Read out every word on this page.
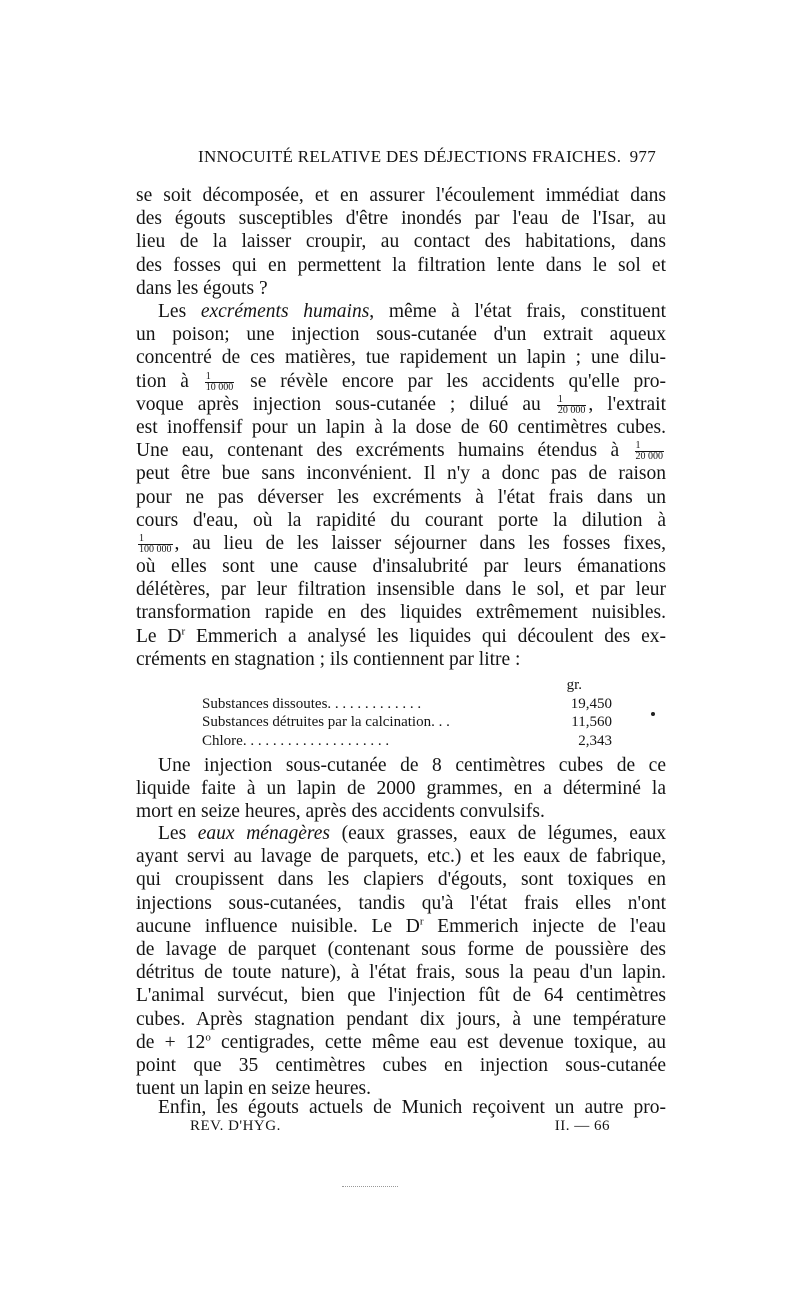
INNOCUITÉ RELATIVE DES DÉJECTIONS FRAICHES. 977
se soit décomposée, et en assurer l'écoulement immédiat dans
des égouts susceptibles d'être inondés par l'eau de l'Isar, au
lieu de la laisser croupir, au contact des habitations, dans
des fosses qui en permettent la filtration lente dans le sol et
dans les égouts ?
Les excréments humains, même à l'état frais, constituent
un poison; une injection sous-cutanée d'un extrait aqueux
concentré de ces matières, tue rapidement un lapin ; une dilu-
tion à $\frac{1}{10 000}$ se révèle encore par les accidents qu'elle pro-
voque après injection sous-cutanée ; dilué au $\frac{1}{20 000}$ , l'extrait
est inoffensif pour un lapin à la dose de 60 centimètres cubes.
Une eau, contenant des excréments humains étendus à $\frac{1}{20 000}$
peut être bue sans inconvénient. Il n'y a donc pas de raison
pour ne pas déverser les excréments à l'état frais dans un
cours d'eau, où la rapidité du courant porte la dilution à
$\frac{1}{100 000}$ , au lieu de les laisser séjourner dans les fosses fixes,
où elles sont une cause d'insalubrité par leurs émanations
délétères, par leur filtration insensible dans le sol, et par leur
transformation rapide en des liquides extrêmement nuisibles.
Le $D^r$ Emmerich a analysé les liquides qui découlent des ex-
créments en stagnation ; ils contiennent par litre :
gr.
Substances dissoutes. . . . . . . . . . . . .	19,450
Substances détruites par la calcination. . .	11,560
Chlore. . . . . . . . . . . . . . . . . . . .	2,343
Une injection sous-cutanée de 8 centimètres cubes de ce
liquide faite à un lapin de 2000 grammes, en a déterminé la
mort en seize heures, après des accidents convulsifs.
Les eaux ménagères (eaux grasses, eaux de légumes, eaux
ayant servi au lavage de parquets, etc.) et les eaux de fabrique,
qui croupissent dans les clapiers d'égouts, sont toxiques en
injections sous-cutanées, tandis qu'à l'état frais elles n'ont
aucune influence nuisible. Le $D^r$ Emmerich injecte de l'eau
de lavage de parquet (contenant sous forme de poussière des
détritus de toute nature), à l'état frais, sous la peau d'un lapin.
L'animal survécut, bien que l'injection fût de 64 centimètres
cubes. Après stagnation pendant dix jours, à une température
de + $12^o$ centigrades, cette même eau est devenue toxique, au
point que 35 centimètres cubes en injection sous-cutanée
tuent un lapin en seize heures.
Enfin, les égouts actuels de Munich reçoivent un autre pro-
REV. D'HYG.	II. — 66
